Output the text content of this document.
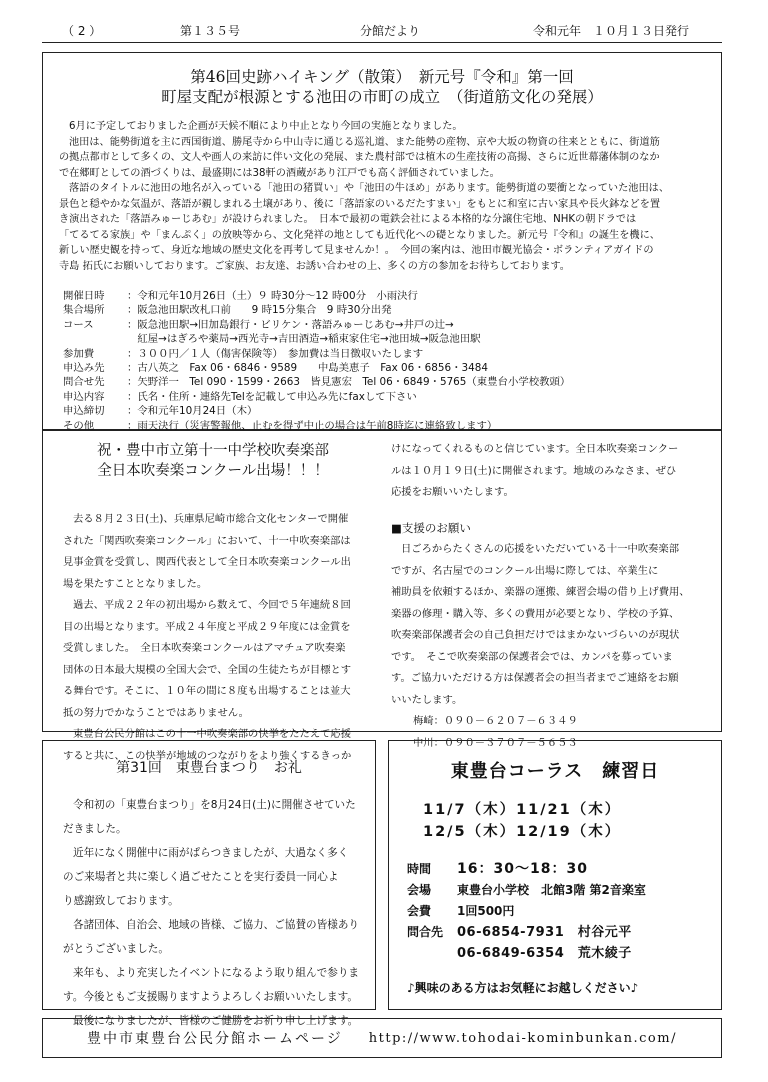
（ 2 ）	第１３５号	分館だより	令和元年　１０月１３日発行
第46回史跡ハイキング（散策）　新元号『令和』第一回
町屋支配が根源とする池田の市町の成立　（街道筋文化の発展）

6月に予定しておりました企画が天候不順により中止となり今回の実施となりました。

池田は、能勢街道を主に西国街道、勝尾寺から中山寺に通じる巡礼道、また能勢の産物、京や大坂の物資の往来とともに、街道筋

の拠点都市として多くの、文人や画人の来訪に伴い文化の発展、また農村部では植木の生産技術の高揚、さらに近世幕藩体制のなか

で在郷町としての酒づくりは、最盛期には38軒の酒蔵があり江戸でも高く評価されていました。

落語のタイトルに池田の地名が入っている「池田の猪買い」や「池田の牛ほめ」があります。能勢街道の要衝となっていた池田は、

景色と穏やかな気温が、落語が親しまれる土壌があり、後に「落語家のいるだたすまい」をもとに和室に古い家具や長火鉢などを置

き演出された「落語みゅーじあむ」が設けられました。　日本で最初の電鉄会社による本格的な分譲住宅地、NHKの朝ドラでは

「てるてる家族」や「まんぷく」の放映等から、文化発祥の地としても近代化への礎となりました。新元号『令和』の誕生を機に、

新しい歴史観を持って、身近な地域の歴史文化を再考して見ませんか！。　今回の案内は、池田市観光協会・ボランティアガイドの

寺島 拓氏にお願いしております。ご家族、お友達、お誘い合わせの上、多くの方の参加をお待ちしております。

開催日時	：令和元年10月26日（土）９ 時30分～12 時00分　小雨決行
集合場所	：阪急池田駅改札口前　　9 時15分集合　9 時30分出発
コース	：阪急池田駅→旧加島銀行・ビリケン・落語みゅーじあむ→井戸の辻→
　紅屋→はぎろや薬局→西光寺→吉田酒造→稲束家住宅→池田城→阪急池田駅
参加費	：３００円／１人（傷害保険等）　参加費は当日徴収いたします
申込み先	：古八英之　Fax 06・6846・9589　　中島美恵子　Fax 06・6856・3484
問合せ先	：矢野洋一　Tel 090・1599・2663　皆見憲宏　Tel 06・6849・5765（東豊台小学校教頭）
申込内容	：氏名・住所・連絡先Telを記載して申込み先にfaxして下さい
申込締切	：令和元年10月24日（木）
その他	：雨天決行（災害警報他、止むを得ず中止の場合は午前8時迄に連絡致します）
祝・豊中市立第十一中学校吹奏楽部
全日本吹奏楽コンクール出場！！！

去る８月２３日(土)、兵庫県尼崎市総合文化センターで開催

された「関西吹奏楽コンクール」において、十一中吹奏楽部は

見事金賞を受賞し、関西代表として全日本吹奏楽コンクール出

場を果たすこととなりました。

過去、平成２２年の初出場から数えて、今回で５年連続８回

目の出場となります。平成２４年度と平成２９年度には金賞を

受賞しました。　全日本吹奏楽コンクールはアマチュア吹奏楽

団体の日本最大規模の全国大会で、全国の生徒たちが目標とす

る舞台です。そこに、１０年の間に８度も出場することは並大

抵の努力でかなうことではありません。

東豊台公民分館はこの十一中吹奏楽部の快挙をたたえて応援

すると共に、この快挙が地域のつながりをより強くするきっか

けになってくれるものと信じています。全日本吹奏楽コンクー

ルは１０月１９日(土)に開催されます。地域のみなさま、ぜひ

応援をお願いいたします。

■支援のお願い

日ごろからたくさんの応援をいただいている十一中吹奏楽部

ですが、名古屋でのコンクール出場に際しては、卒業生に

補助員を依頼するほか、楽器の運搬、練習会場の借り上げ費用、

楽器の修理・購入等、多くの費用が必要となり、学校の予算、

吹奏楽部保護者会の自己負担だけではまかないづらいのが現状

です。　そこで吹奏楽部の保護者会では、カンパを募っていま

す。ご協力いただける方は保護者会の担当者までご連絡をお願

いいたします。

梅崎：０９０－６２０７－６３４９

中川：０９０－３７０７－５６５３

第31回　東豊台まつり　お礼

令和初の「東豊台まつり」を8月24日(土)に開催させていた

だきました。

近年になく開催中に雨がぱらつきましたが、大過なく多く

のご来場者と共に楽しく過ごせたことを実行委員一同心よ

り感謝致しております。

各諸団体、自治会、地域の皆様、ご協力、ご協賛の皆様あり

がとうございました。

来年も、より充実したイベントになるよう取り組んで参りま

す。今後ともご支援賜りますようよろしくお願いいたします。

最後になりましたが、皆様のご健勝をお祈り申し上げます。

東豊台コーラス　練習日
11/7（木）11/21（木）
12/5（木）12/19（木）
時間	16：30～18：30
会場	東豊台小学校　北館3階 第2音楽室
会費	1回500円
問合先	06-6854-7931　村谷元平
06-6849-6354　荒木綾子
♪興味のある方はお気軽にお越しください♪
豊中市東豊台公民分館ホームページ http://www.tohodai-kominbunkan.com/
